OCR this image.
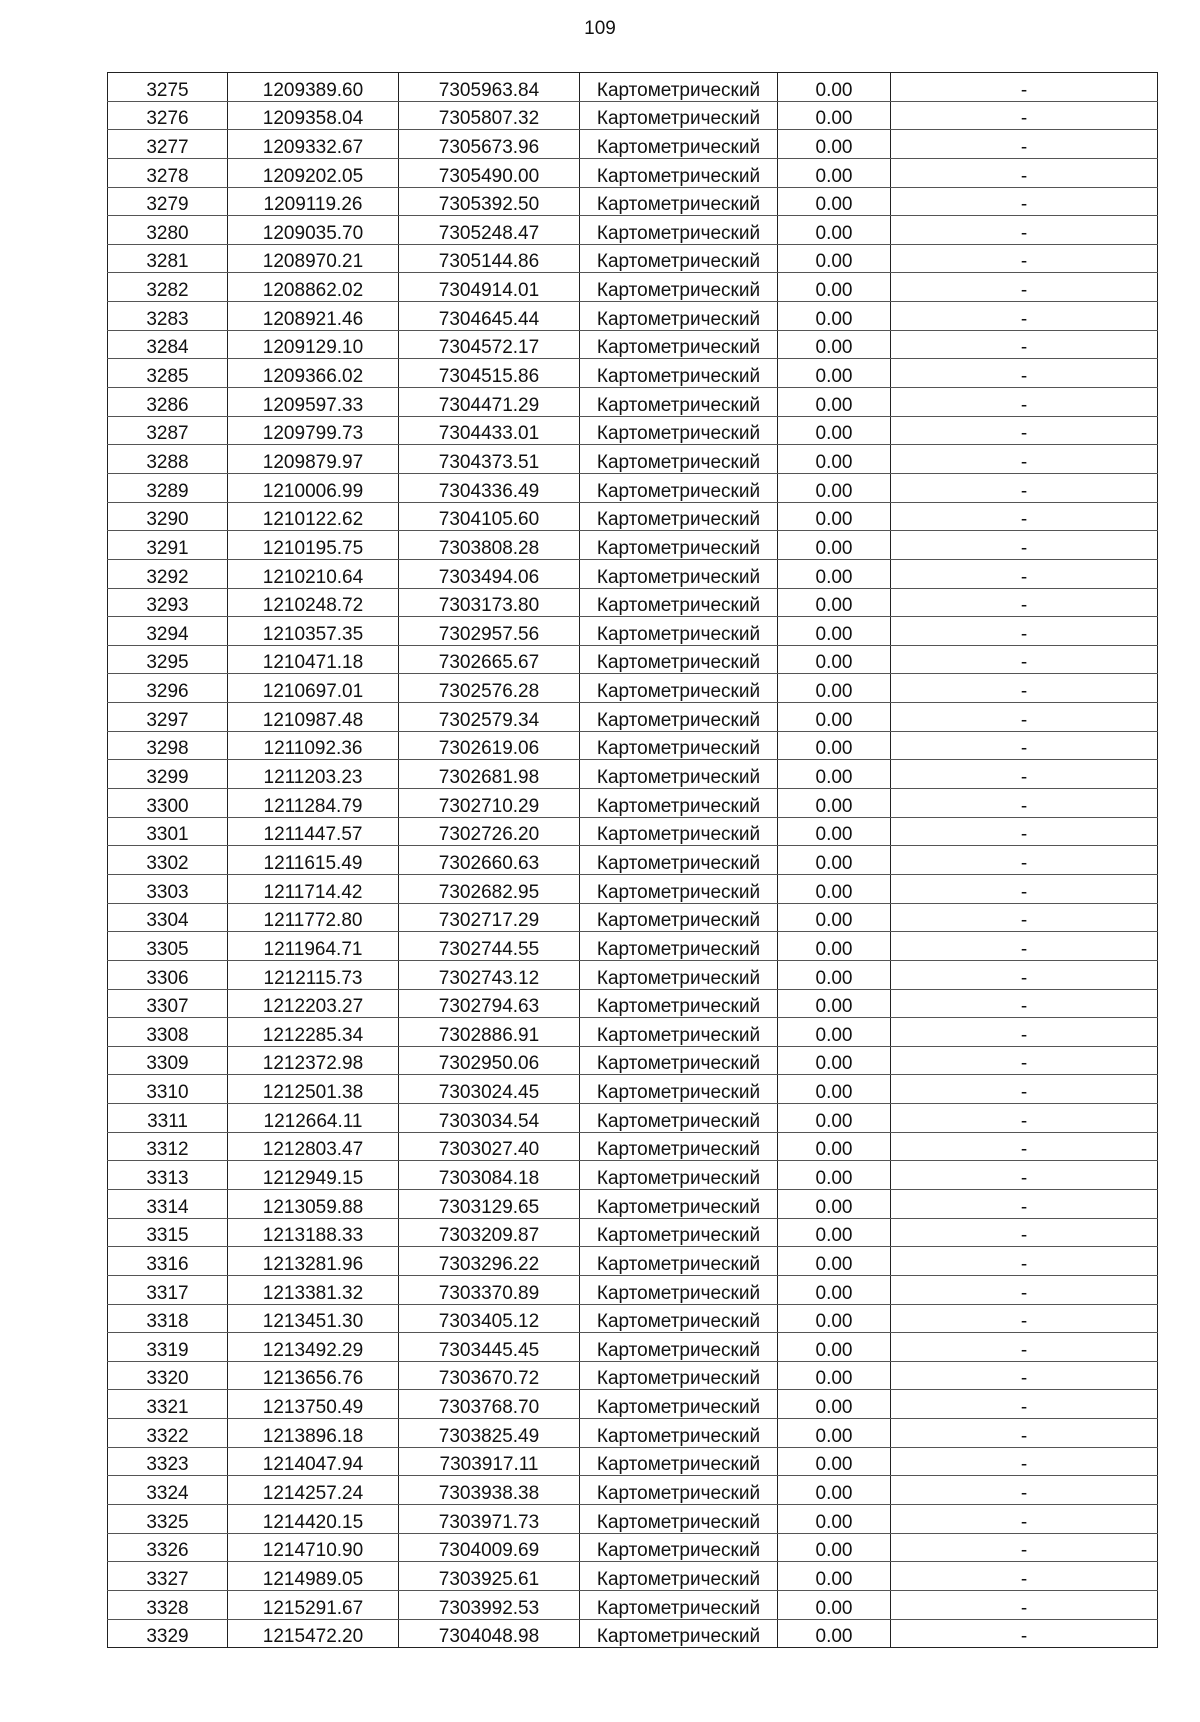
109
3275	1209389.60	7305963.84	Картометрический	0.00	-
3276	1209358.04	7305807.32	Картометрический	0.00	-
3277	1209332.67	7305673.96	Картометрический	0.00	-
3278	1209202.05	7305490.00	Картометрический	0.00	-
3279	1209119.26	7305392.50	Картометрический	0.00	-
3280	1209035.70	7305248.47	Картометрический	0.00	-
3281	1208970.21	7305144.86	Картометрический	0.00	-
3282	1208862.02	7304914.01	Картометрический	0.00	-
3283	1208921.46	7304645.44	Картометрический	0.00	-
3284	1209129.10	7304572.17	Картометрический	0.00	-
3285	1209366.02	7304515.86	Картометрический	0.00	-
3286	1209597.33	7304471.29	Картометрический	0.00	-
3287	1209799.73	7304433.01	Картометрический	0.00	-
3288	1209879.97	7304373.51	Картометрический	0.00	-
3289	1210006.99	7304336.49	Картометрический	0.00	-
3290	1210122.62	7304105.60	Картометрический	0.00	-
3291	1210195.75	7303808.28	Картометрический	0.00	-
3292	1210210.64	7303494.06	Картометрический	0.00	-
3293	1210248.72	7303173.80	Картометрический	0.00	-
3294	1210357.35	7302957.56	Картометрический	0.00	-
3295	1210471.18	7302665.67	Картометрический	0.00	-
3296	1210697.01	7302576.28	Картометрический	0.00	-
3297	1210987.48	7302579.34	Картометрический	0.00	-
3298	1211092.36	7302619.06	Картометрический	0.00	-
3299	1211203.23	7302681.98	Картометрический	0.00	-
3300	1211284.79	7302710.29	Картометрический	0.00	-
3301	1211447.57	7302726.20	Картометрический	0.00	-
3302	1211615.49	7302660.63	Картометрический	0.00	-
3303	1211714.42	7302682.95	Картометрический	0.00	-
3304	1211772.80	7302717.29	Картометрический	0.00	-
3305	1211964.71	7302744.55	Картометрический	0.00	-
3306	1212115.73	7302743.12	Картометрический	0.00	-
3307	1212203.27	7302794.63	Картометрический	0.00	-
3308	1212285.34	7302886.91	Картометрический	0.00	-
3309	1212372.98	7302950.06	Картометрический	0.00	-
3310	1212501.38	7303024.45	Картометрический	0.00	-
3311	1212664.11	7303034.54	Картометрический	0.00	-
3312	1212803.47	7303027.40	Картометрический	0.00	-
3313	1212949.15	7303084.18	Картометрический	0.00	-
3314	1213059.88	7303129.65	Картометрический	0.00	-
3315	1213188.33	7303209.87	Картометрический	0.00	-
3316	1213281.96	7303296.22	Картометрический	0.00	-
3317	1213381.32	7303370.89	Картометрический	0.00	-
3318	1213451.30	7303405.12	Картометрический	0.00	-
3319	1213492.29	7303445.45	Картометрический	0.00	-
3320	1213656.76	7303670.72	Картометрический	0.00	-
3321	1213750.49	7303768.70	Картометрический	0.00	-
3322	1213896.18	7303825.49	Картометрический	0.00	-
3323	1214047.94	7303917.11	Картометрический	0.00	-
3324	1214257.24	7303938.38	Картометрический	0.00	-
3325	1214420.15	7303971.73	Картометрический	0.00	-
3326	1214710.90	7304009.69	Картометрический	0.00	-
3327	1214989.05	7303925.61	Картометрический	0.00	-
3328	1215291.67	7303992.53	Картометрический	0.00	-
3329	1215472.20	7304048.98	Картометрический	0.00	-
